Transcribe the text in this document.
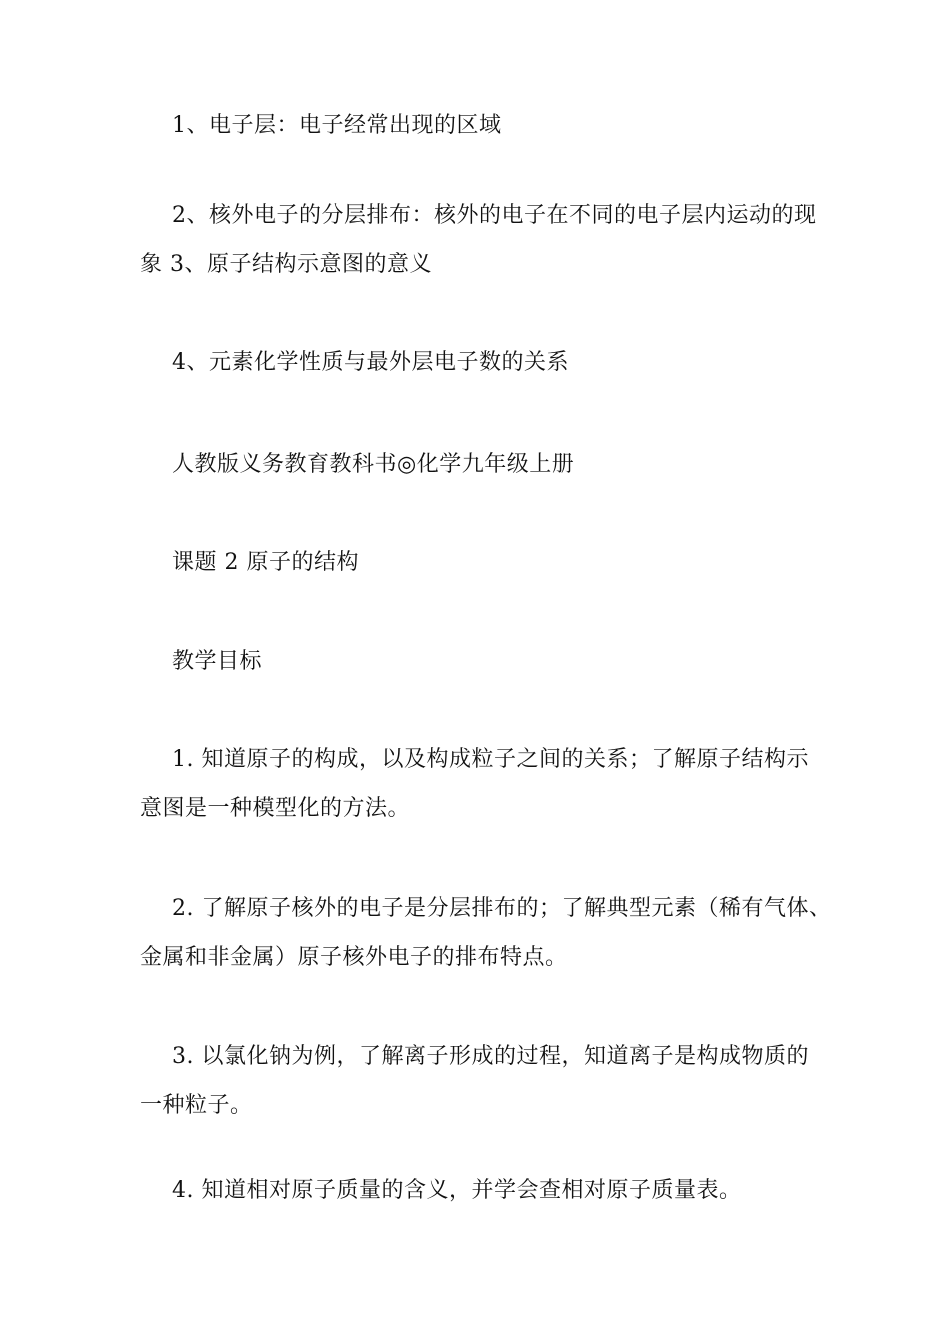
1、电子层：电子经常出现的区域
2、核外电子的分层排布：核外的电子在不同的电子层内运动的现
象 3、原子结构示意图的意义
4、元素化学性质与最外层电子数的关系
人教版义务教育教科书◎化学九年级上册
课题 2 原子的结构
教学目标
1. 知道原子的构成，以及构成粒子之间的关系；了解原子结构示
意图是一种模型化的方法。
2. 了解原子核外的电子是分层排布的；了解典型元素（稀有气体、
金属和非金属）原子核外电子的排布特点。
3. 以氯化钠为例，了解离子形成的过程，知道离子是构成物质的
一种粒子。
4. 知道相对原子质量的含义，并学会查相对原子质量表。
